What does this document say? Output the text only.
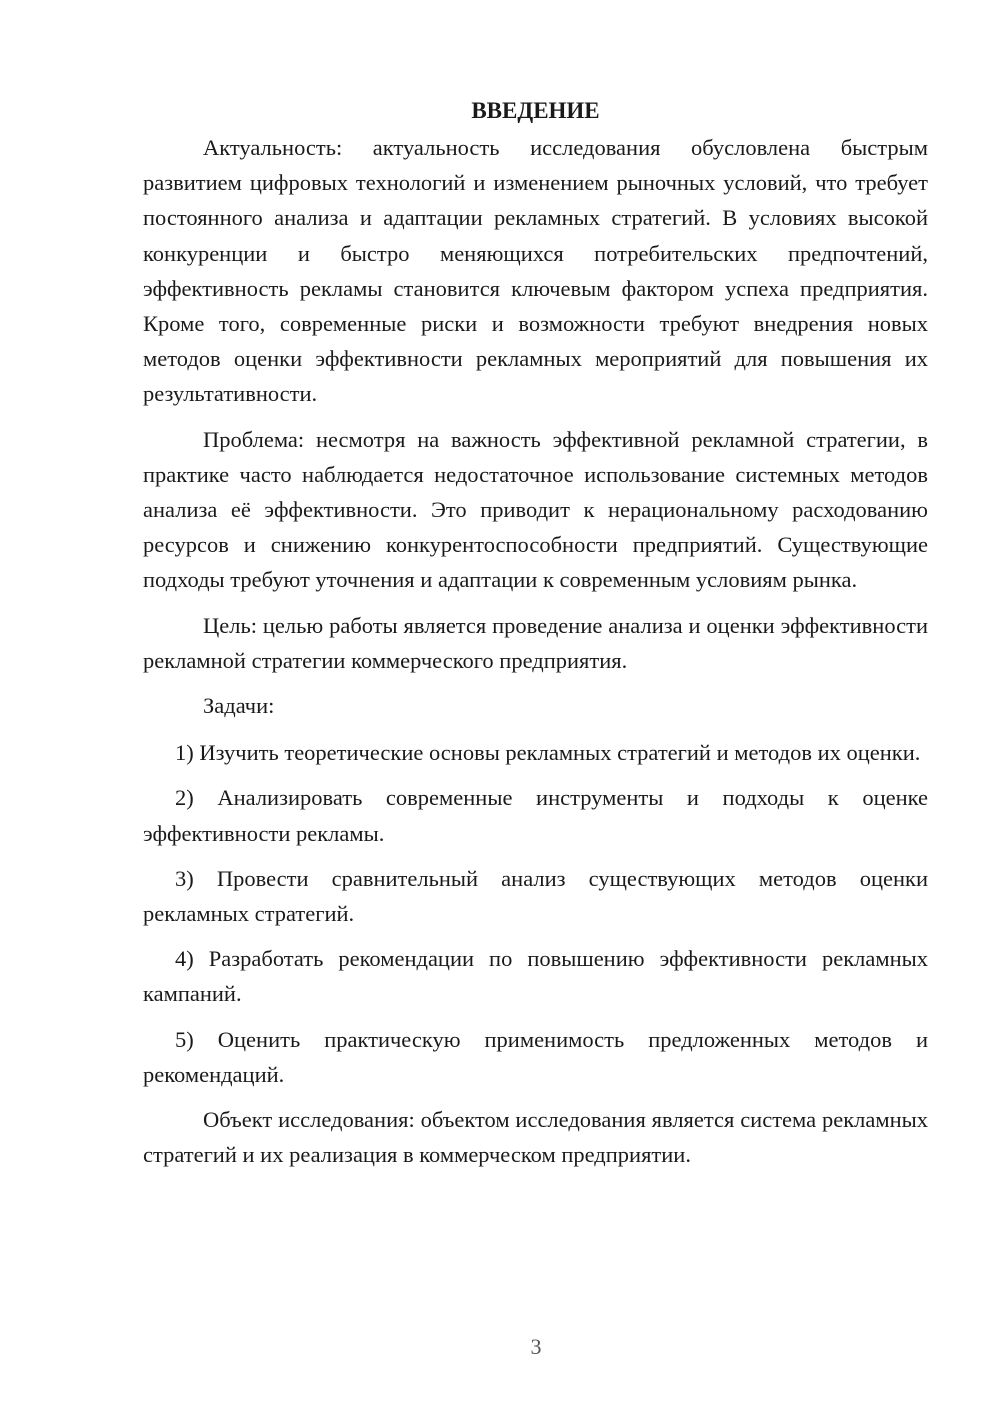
ВВЕДЕНИЕ

Актуальность: актуальность исследования обусловлена быстрым развитием цифровых технологий и изменением рыночных условий, что требует постоянного анализа и адаптации рекламных стратегий. В условиях высокой конкуренции и быстро меняющихся потребительских предпочтений, эффективность рекламы становится ключевым фактором успеха предприятия. Кроме того, современные риски и возможности требуют внедрения новых методов оценки эффективности рекламных мероприятий для повышения их результативности.

Проблема: несмотря на важность эффективной рекламной стратегии, в практике часто наблюдается недостаточное использование системных методов анализа её эффективности. Это приводит к нерациональному расходованию ресурсов и снижению конкурентоспособности предприятий. Существующие подходы требуют уточнения и адаптации к современным условиям рынка.

Цель: целью работы является проведение анализа и оценки эффективности рекламной стратегии коммерческого предприятия.

Задачи:

1) Изучить теоретические основы рекламных стратегий и методов их оценки.

2) Анализировать современные инструменты и подходы к оценке эффективности рекламы.

3) Провести сравнительный анализ существующих методов оценки рекламных стратегий.

4) Разработать рекомендации по повышению эффективности рекламных кампаний.

5) Оценить практическую применимость предложенных методов и рекомендаций.

Объект исследования: объектом исследования является система рекламных стратегий и их реализация в коммерческом предприятии.

3
